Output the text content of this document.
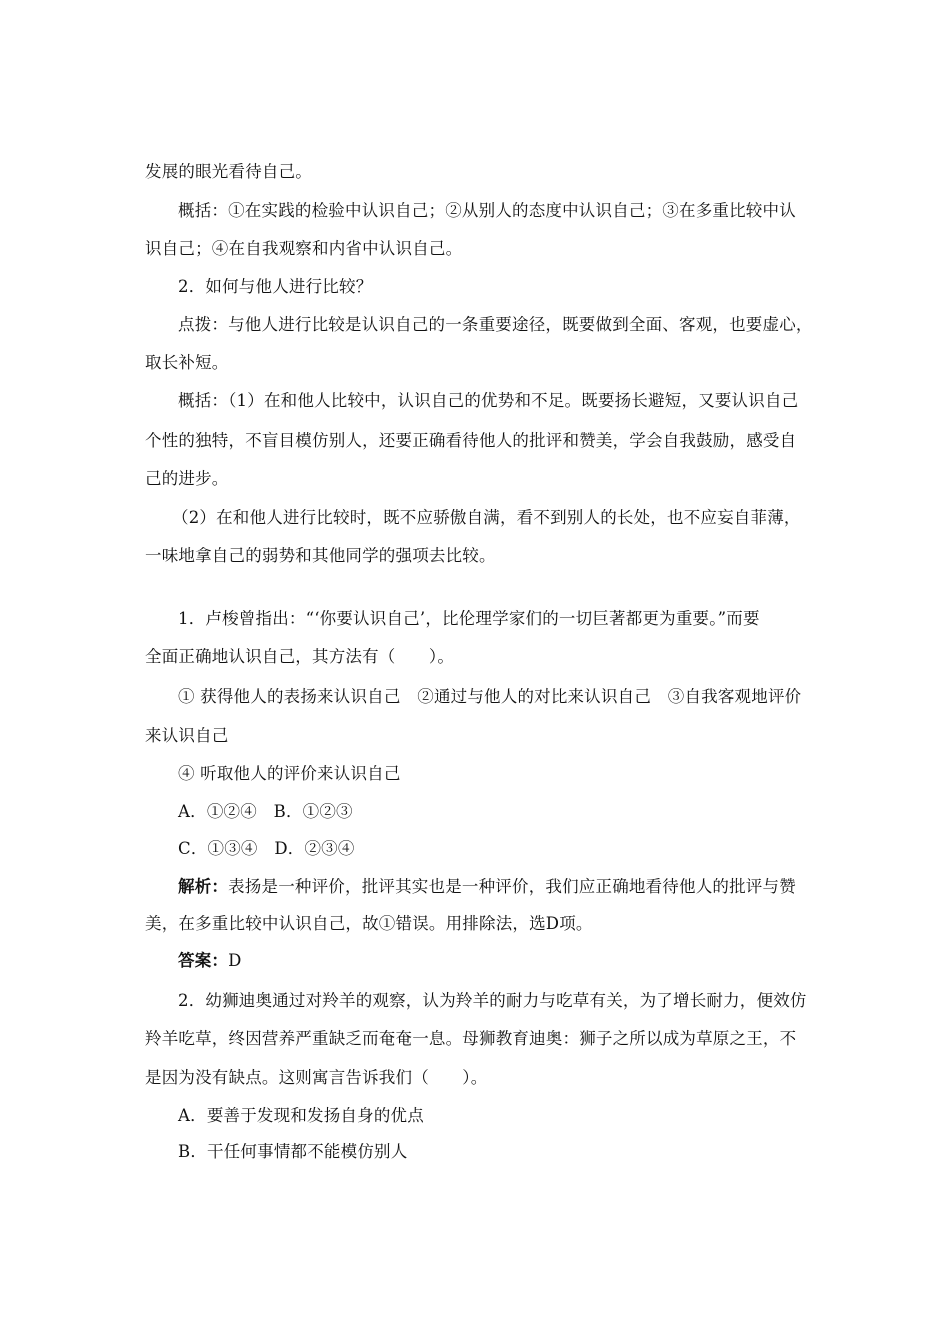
发展的眼光看待自己。
概括：①在实践的检验中认识自己；②从别人的态度中认识自己；③在多重比较中认
识自己；④在自我观察和内省中认识自己。
2．如何与他人进行比较？
点拨：与他人进行比较是认识自己的一条重要途径，既要做到全面、客观，也要虚心，
取长补短。
概括：（1）在和他人比较中，认识自己的优势和不足。既要扬长避短，又要认识自己
个性的独特，不盲目模仿别人，还要正确看待他人的批评和赞美，学会自我鼓励，感受自
己的进步。
（2）在和他人进行比较时，既不应骄傲自满，看不到别人的长处，也不应妄自菲薄，
一味地拿自己的弱势和其他同学的强项去比较。
1．卢梭曾指出：“‘你要认识自己’，比伦理学家们的一切巨著都更为重要。”而要
全面正确地认识自己，其方法有（　　）。
① 获得他人的表扬来认识自己　②通过与他人的对比来认识自己　③自我客观地评价
来认识自己
④ 听取他人的评价来认识自己
A．①②④　B．①②③
C．①③④　D．②③④
解析：表扬是一种评价，批评其实也是一种评价，我们应正确地看待他人的批评与赞
美，在多重比较中认识自己，故①错误。用排除法，选D项。
答案：D
2．幼狮迪奥通过对羚羊的观察，认为羚羊的耐力与吃草有关，为了增长耐力，便效仿
羚羊吃草，终因营养严重缺乏而奄奄一息。母狮教育迪奥：狮子之所以成为草原之王，不
是因为没有缺点。这则寓言告诉我们（　　）。
A．要善于发现和发扬自身的优点
B．干任何事情都不能模仿别人
